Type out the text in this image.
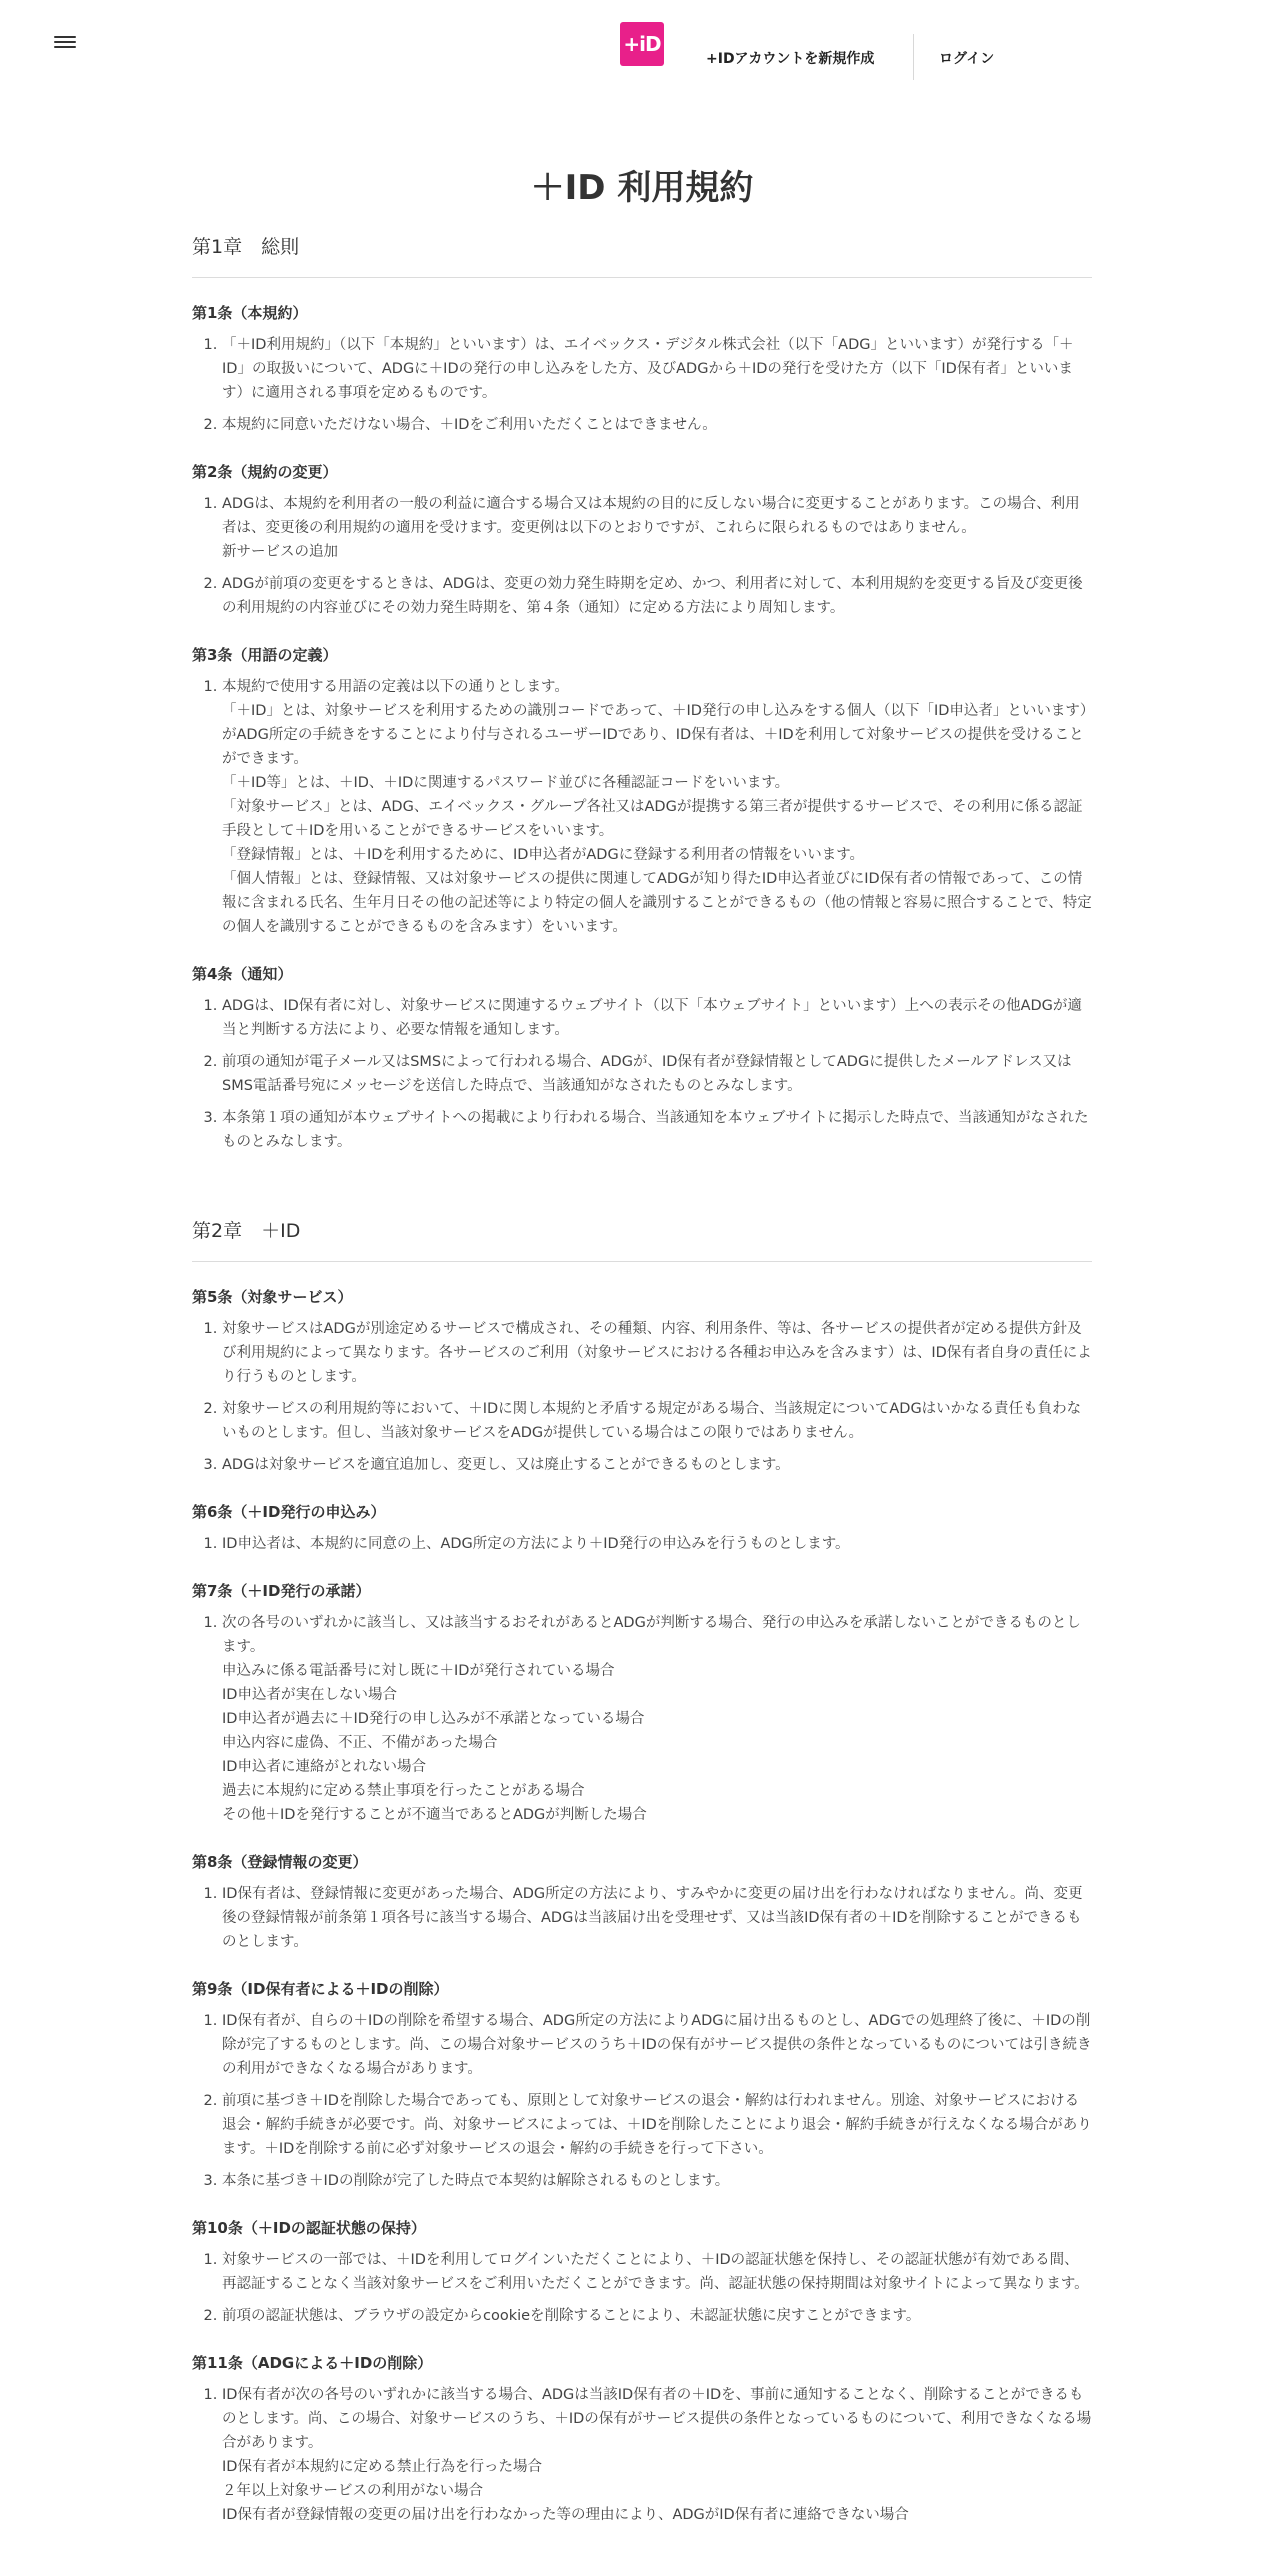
+iD
+IDアカウントを新規作成	ログイン
＋ID 利用規約
第1章　総則
第1条（本規約）
1. 「＋ID利用規約」（以下「本規約」といいます）は、エイベックス・デジタル株式会社（以下「ADG」といいます）が発行する「＋ID」の取扱いについて、ADGに＋IDの発行の申し込みをした方、及びADGから＋IDの発行を受けた方（以下「ID保有者」といいます）に適用される事項を定めるものです。
2. 本規約に同意いただけない場合、＋IDをご利用いただくことはできません。
第2条（規約の変更）
1. ADGは、本規約を利用者の一般の利益に適合する場合又は本規約の目的に反しない場合に変更することがあります。この場合、利用者は、変更後の利用規約の適用を受けます。変更例は以下のとおりですが、これらに限られるものではありません。
新サービスの追加
2. ADGが前項の変更をするときは、ADGは、変更の効力発生時期を定め、かつ、利用者に対して、本利用規約を変更する旨及び変更後の利用規約の内容並びにその効力発生時期を、第４条（通知）に定める方法により周知します。
第3条（用語の定義）
1. 本規約で使用する用語の定義は以下の通りとします。
「＋ID」とは、対象サービスを利用するための識別コードであって、＋ID発行の申し込みをする個人（以下「ID申込者」といいます）がADG所定の手続きをすることにより付与されるユーザーIDであり、ID保有者は、＋IDを利用して対象サービスの提供を受けることができます。
「＋ID等」とは、＋ID、＋IDに関連するパスワード並びに各種認証コードをいいます。
「対象サービス」とは、ADG、エイベックス・グループ各社又はADGが提携する第三者が提供するサービスで、その利用に係る認証手段として＋IDを用いることができるサービスをいいます。
「登録情報」とは、＋IDを利用するために、ID申込者がADGに登録する利用者の情報をいいます。
「個人情報」とは、登録情報、又は対象サービスの提供に関連してADGが知り得たID申込者並びにID保有者の情報であって、この情報に含まれる氏名、生年月日その他の記述等により特定の個人を識別することができるもの（他の情報と容易に照合することで、特定の個人を識別することができるものを含みます）をいいます。
第4条（通知）
1. ADGは、ID保有者に対し、対象サービスに関連するウェブサイト（以下「本ウェブサイト」といいます）上への表示その他ADGが適当と判断する方法により、必要な情報を通知します。
2. 前項の通知が電子メール又はSMSによって行われる場合、ADGが、ID保有者が登録情報としてADGに提供したメールアドレス又はSMS電話番号宛にメッセージを送信した時点で、当該通知がなされたものとみなします。
3. 本条第１項の通知が本ウェブサイトへの掲載により行われる場合、当該通知を本ウェブサイトに掲示した時点で、当該通知がなされたものとみなします。
第2章　＋ID
第5条（対象サービス）
1. 対象サービスはADGが別途定めるサービスで構成され、その種類、内容、利用条件、等は、各サービスの提供者が定める提供方針及び利用規約によって異なります。各サービスのご利用（対象サービスにおける各種お申込みを含みます）は、ID保有者自身の責任により行うものとします。
2. 対象サービスの利用規約等において、＋IDに関し本規約と矛盾する規定がある場合、当該規定についてADGはいかなる責任も負わないものとします。但し、当該対象サービスをADGが提供している場合はこの限りではありません。
3. ADGは対象サービスを適宜追加し、変更し、又は廃止することができるものとします。
第6条（＋ID発行の申込み）
1. ID申込者は、本規約に同意の上、ADG所定の方法により＋ID発行の申込みを行うものとします。
第7条（＋ID発行の承諾）
1. 次の各号のいずれかに該当し、又は該当するおそれがあるとADGが判断する場合、発行の申込みを承諾しないことができるものとします。
申込みに係る電話番号に対し既に＋IDが発行されている場合
ID申込者が実在しない場合
ID申込者が過去に＋ID発行の申し込みが不承諾となっている場合
申込内容に虚偽、不正、不備があった場合
ID申込者に連絡がとれない場合
過去に本規約に定める禁止事項を行ったことがある場合
その他＋IDを発行することが不適当であるとADGが判断した場合
第8条（登録情報の変更）
1. ID保有者は、登録情報に変更があった場合、ADG所定の方法により、すみやかに変更の届け出を行わなければなりません。尚、変更後の登録情報が前条第１項各号に該当する場合、ADGは当該届け出を受理せず、又は当該ID保有者の＋IDを削除することができるものとします。
第9条（ID保有者による＋IDの削除）
1. ID保有者が、自らの＋IDの削除を希望する場合、ADG所定の方法によりADGに届け出るものとし、ADGでの処理終了後に、＋IDの削除が完了するものとします。尚、この場合対象サービスのうち＋IDの保有がサービス提供の条件となっているものについては引き続きの利用ができなくなる場合があります。
2. 前項に基づき＋IDを削除した場合であっても、原則として対象サービスの退会・解約は行われません。別途、対象サービスにおける退会・解約手続きが必要です。尚、対象サービスによっては、＋IDを削除したことにより退会・解約手続きが行えなくなる場合があります。＋IDを削除する前に必ず対象サービスの退会・解約の手続きを行って下さい。
3. 本条に基づき＋IDの削除が完了した時点で本契約は解除されるものとします。
第10条（＋IDの認証状態の保持）
1. 対象サービスの一部では、＋IDを利用してログインいただくことにより、＋IDの認証状態を保持し、その認証状態が有効である間、再認証することなく当該対象サービスをご利用いただくことができます。尚、認証状態の保持期間は対象サイトによって異なります。
2. 前項の認証状態は、ブラウザの設定からcookieを削除することにより、未認証状態に戻すことができます。
第11条（ADGによる＋IDの削除）
1. ID保有者が次の各号のいずれかに該当する場合、ADGは当該ID保有者の＋IDを、事前に通知することなく、削除することができるものとします。尚、この場合、対象サービスのうち、＋IDの保有がサービス提供の条件となっているものについて、利用できなくなる場合があります。
ID保有者が本規約に定める禁止行為を行った場合
２年以上対象サービスの利用がない場合
ID保有者が登録情報の変更の届け出を行わなかった等の理由により、ADGがID保有者に連絡できない場合
